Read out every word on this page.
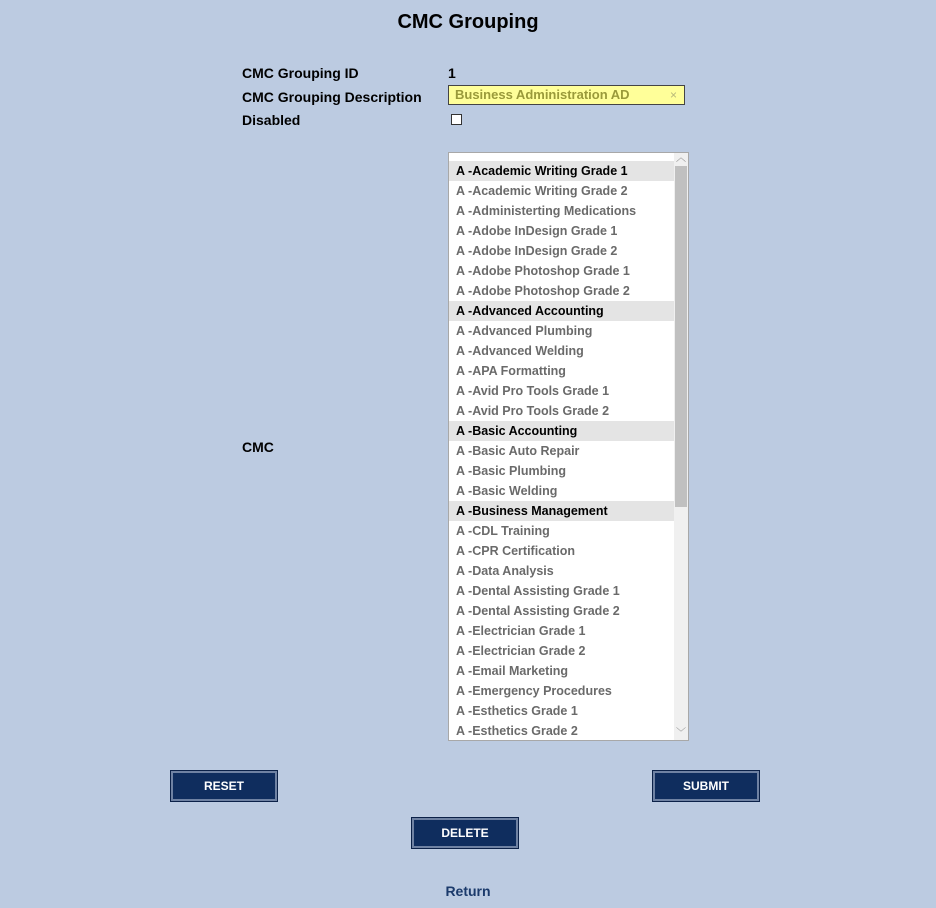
CMC Grouping
CMC Grouping ID	1
CMC Grouping Description
Business Administration AD	×
Disabled
CMC
A -Academic Writing Grade 1
A -Academic Writing Grade 2
A -Administerting Medications
A -Adobe InDesign Grade 1
A -Adobe InDesign Grade 2
A -Adobe Photoshop Grade 1
A -Adobe Photoshop Grade 2
A -Advanced Accounting
A -Advanced Plumbing
A -Advanced Welding
A -APA Formatting
A -Avid Pro Tools Grade 1
A -Avid Pro Tools Grade 2
A -Basic Accounting
A -Basic Auto Repair
A -Basic Plumbing
A -Basic Welding
A -Business Management
A -CDL Training
A -CPR Certification
A -Data Analysis
A -Dental Assisting Grade 1
A -Dental Assisting Grade 2
A -Electrician Grade 1
A -Electrician Grade 2
A -Email Marketing
A -Emergency Procedures
A -Esthetics Grade 1
A -Esthetics Grade 2
︿
﹀
RESET	SUBMIT
DELETE
Return
